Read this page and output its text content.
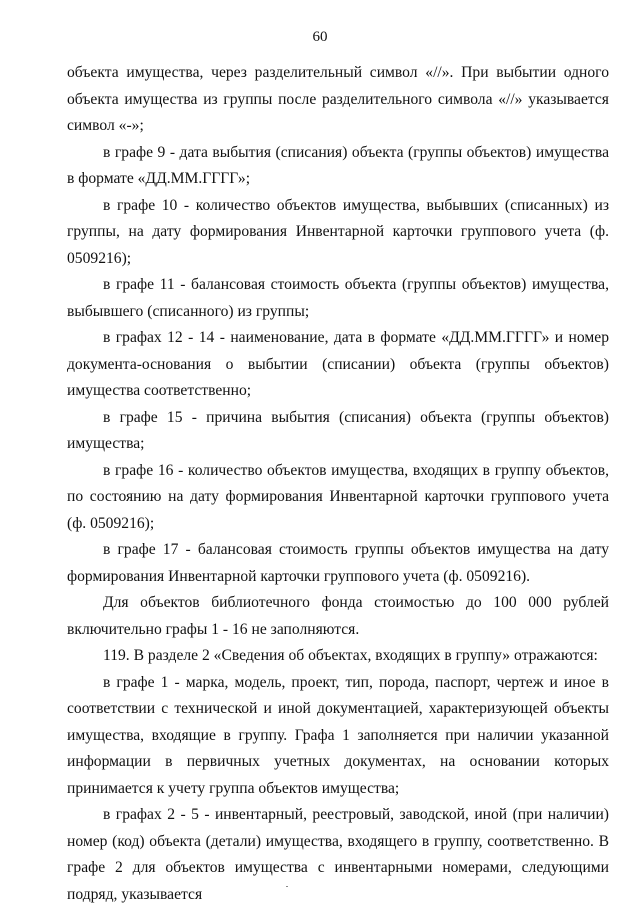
60

объекта имущества, через разделительный символ «//». При выбытии одного объекта имущества из группы после разделительного символа «//» указывается символ «-»;

в графе 9 - дата выбытия (списания) объекта (группы объектов) имущества в формате «ДД.ММ.ГГГГ»;

в графе 10 - количество объектов имущества, выбывших (списанных) из группы, на дату формирования Инвентарной карточки группового учета (ф. 0509216);

в графе 11 - балансовая стоимость объекта (группы объектов) имущества, выбывшего (списанного) из группы;

в графах 12 - 14 - наименование, дата в формате «ДД.ММ.ГГГГ» и номер документа-основания о выбытии (списании) объекта (группы объектов) имущества соответственно;

в графе 15 - причина выбытия (списания) объекта (группы объектов) имущества;

в графе 16 - количество объектов имущества, входящих в группу объектов, по состоянию на дату формирования Инвентарной карточки группового учета (ф. 0509216);

в графе 17 - балансовая стоимость группы объектов имущества на дату формирования Инвентарной карточки группового учета (ф. 0509216).

Для объектов библиотечного фонда стоимостью до 100 000 рублей включительно графы 1 - 16 не заполняются.

119. В разделе 2 «Сведения об объектах, входящих в группу» отражаются:

в графе 1 - марка, модель, проект, тип, порода, паспорт, чертеж и иное в соответствии с технической и иной документацией, характеризующей объекты имущества, входящие в группу. Графа 1 заполняется при наличии указанной информации в первичных учетных документах, на основании которых принимается к учету группа объектов имущества;

в графах 2 - 5 - инвентарный, реестровый, заводской, иной (при наличии) номер (код) объекта (детали) имущества, входящего в группу, соответственно. В графе 2 для объектов имущества с инвентарными номерами, следующими подряд, указывается
